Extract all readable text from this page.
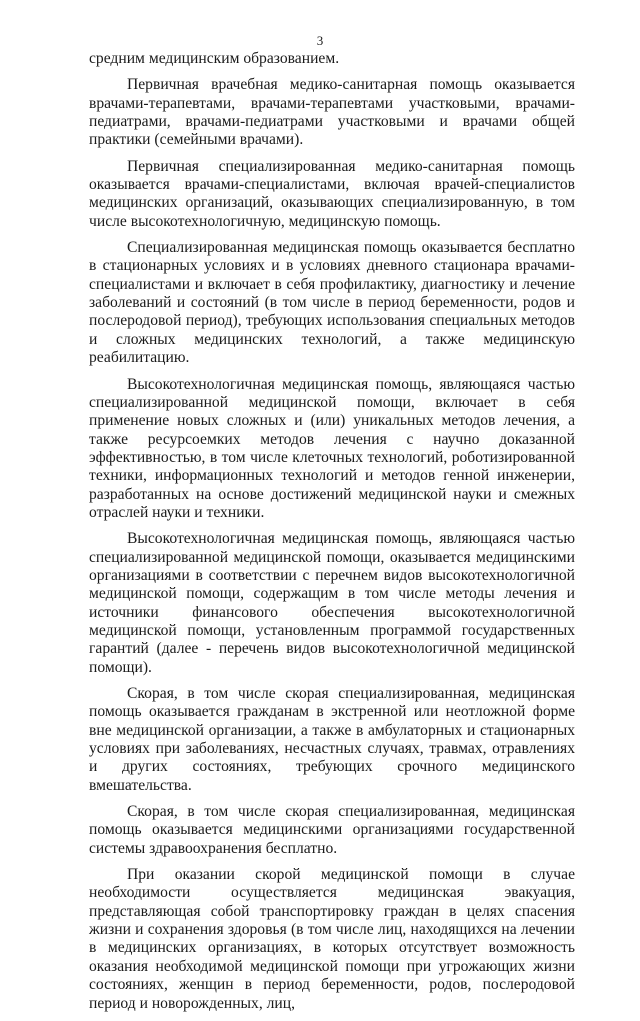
3

средним медицинским образованием.

Первичная врачебная медико-санитарная помощь оказывается врачами-терапевтами, врачами-терапевтами участковыми, врачами-педиатрами, врачами-педиатрами участковыми и врачами общей практики (семейными врачами).

Первичная специализированная медико-санитарная помощь оказывается врачами-специалистами, включая врачей-специалистов медицинских организаций, оказывающих специализированную, в том числе высокотехнологичную, медицинскую помощь.

Специализированная медицинская помощь оказывается бесплатно в стационарных условиях и в условиях дневного стационара врачами-специалистами и включает в себя профилактику, диагностику и лечение заболеваний и состояний (в том числе в период беременности, родов и послеродовой период), требующих использования специальных методов и сложных медицинских технологий, а также медицинскую реабилитацию.

Высокотехнологичная медицинская помощь, являющаяся частью специализированной медицинской помощи, включает в себя применение новых сложных и (или) уникальных методов лечения, а также ресурсоемких методов лечения с научно доказанной эффективностью, в том числе клеточных технологий, роботизированной техники, информационных технологий и методов генной инженерии, разработанных на основе достижений медицинской науки и смежных отраслей науки и техники.

Высокотехнологичная медицинская помощь, являющаяся частью специализированной медицинской помощи, оказывается медицинскими организациями в соответствии с перечнем видов высокотехнологичной медицинской помощи, содержащим в том числе методы лечения и источники финансового обеспечения высокотехнологичной медицинской помощи, установленным программой государственных гарантий (далее - перечень видов высокотехнологичной медицинской помощи).

Скорая, в том числе скорая специализированная, медицинская помощь оказывается гражданам в экстренной или неотложной форме вне медицинской организации, а также в амбулаторных и стационарных условиях при заболеваниях, несчастных случаях, травмах, отравлениях и других состояниях, требующих срочного медицинского вмешательства.

Скорая, в том числе скорая специализированная, медицинская помощь оказывается медицинскими организациями государственной системы здравоохранения бесплатно.

При оказании скорой медицинской помощи в случае необходимости осуществляется медицинская эвакуация, представляющая собой транспортировку граждан в целях спасения жизни и сохранения здоровья (в том числе лиц, находящихся на лечении в медицинских организациях, в которых отсутствует возможность оказания необходимой медицинской помощи при угрожающих жизни состояниях, женщин в период беременности, родов, послеродовой период и новорожденных, лиц,
